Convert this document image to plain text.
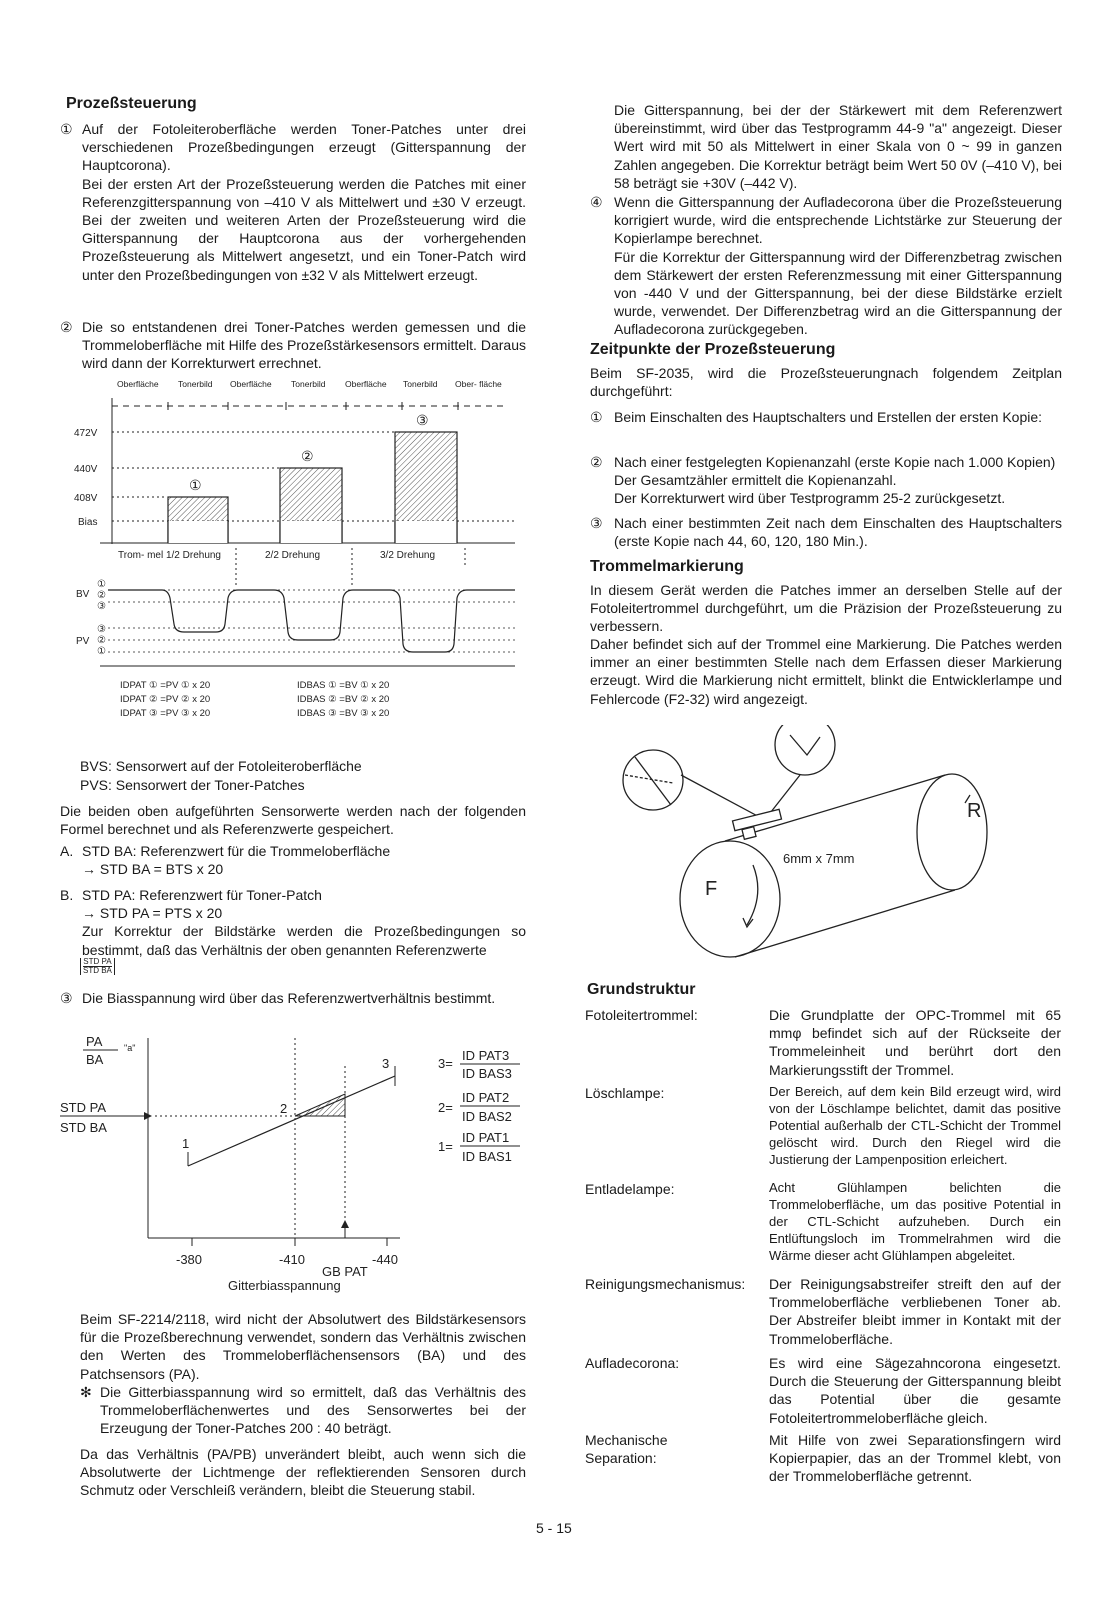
Prozeßsteuerung
① Auf der Fotoleiteroberfläche werden Toner-Patches unter drei verschiedenen Prozeßbedingungen erzeugt (Gitterspannung der Hauptcorona).

Bei der ersten Art der Prozeßsteuerung werden die Patches mit einer Referenzgitterspannung von –410 V als Mittelwert und ±30 V erzeugt. Bei der zweiten und weiteren Arten der Prozeßsteuerung wird die Gitterspannung der Hauptcorona aus der vorhergehenden Prozeßsteuerung als Mittelwert angesetzt, und ein Toner-Patch wird unter den Prozeßbedingungen von ±32 V als Mittelwert erzeugt.

② Die so entstandenen drei Toner-Patches werden gemessen und die Trommeloberfläche mit Hilfe des Prozeßstärkesensors ermittelt. Daraus wird dann der Korrekturwert errechnet.

Oberfläche Tonerbild Oberfläche Tonerbild Oberfläche Tonerbild Ober- fläche
472V
440V
408V
Bias
①
②
③
Trom- mel 1/2 Drehung	2/2 Drehung	3/2 Drehung
BV
PV
①
②
③
③
②
①
IDPAT ① =PV ① x 20
IDPAT ② =PV ② x 20
IDPAT ③ =PV ③ x 20
IDBAS ① =BV ① x 20
IDBAS ② =BV ② x 20
IDBAS ③ =BV ③ x 20

BVS: Sensorwert auf der Fotoleiteroberfläche

PVS: Sensorwert der Toner-Patches

Die beiden oben aufgeführten Sensorwerte werden nach der folgenden Formel berechnet und als Referenzwerte gespeichert.

A. STD BA: Referenzwert für die Trommeloberfläche

→ STD BA = BTS x 20

B. STD PA: Referenzwert für Toner-Patch

→ STD PA = PTS x 20

Zur Korrektur der Bildstärke werden die Prozeßbedingungen so bestimmt, daß das Verhältnis der oben genannten Referenzwerte

STD PA
STD BA
③ Die Biasspannung wird über das Referenzwertverhältnis bestimmt.

PA
BA
"a"
STD PA
STD BA
1
2
3	3=
ID PAT3
ID BAS3
2=
ID PAT2
ID BAS2
1=
ID PAT1
ID BAS1
-380	-410	-440
GB PAT
Gitterbiasspannung

Beim SF-2214/2118, wird nicht der Absolutwert des Bildstärkesensors für die Prozeßberechnung verwendet, sondern das Verhältnis zwischen den Werten des Trommeloberflächensensors (BA) und des Patchsensors (PA).

✻ Die Gitterbiasspannung wird so ermittelt, daß das Verhältnis des Trommeloberflächenwertes und des Sensorwertes bei der Erzeugung der Toner-Patches 200 : 40 beträgt.

Da das Verhältnis (PA/PB) unverändert bleibt, auch wenn sich die Absolutwerte der Lichtmenge der reflektierenden Sensoren durch Schmutz oder Verschleiß verändern, bleibt die Steuerung stabil.

Die Gitterspannung, bei der der Stärkewert mit dem Referenzwert übereinstimmt, wird über das Testprogramm 44-9 "a" angezeigt. Dieser Wert wird mit 50 als Mittelwert in einer Skala von 0 ~ 99 in ganzen Zahlen angegeben. Die Korrektur beträgt beim Wert 50 0V (–410 V), bei 58 beträgt sie +30V (–442 V).

④ Wenn die Gitterspannung der Aufladecorona über die Prozeßsteuerung korrigiert wurde, wird die entsprechende Lichtstärke zur Steuerung der Kopierlampe berechnet.

Für die Korrektur der Gitterspannung wird der Differenzbetrag zwischen dem Stärkewert der ersten Referenzmessung mit einer Gitterspannung von -440 V und der Gitterspannung, bei der diese Bildstärke erzielt wurde, verwendet. Der Differenzbetrag wird an die Gitterspannung der Aufladecorona zurückgegeben.

Zeitpunkte der Prozeßsteuerung

Beim SF-2035, wird die Prozeßsteuerungnach folgendem Zeitplan durchgeführt:

① Beim Einschalten des Hauptschalters und Erstellen der ersten Kopie:

② Nach einer festgelegten Kopienanzahl (erste Kopie nach 1.000 Kopien)

Der Gesamtzähler ermittelt die Kopienanzahl.

Der Korrekturwert wird über Testprogramm 25-2 zurückgesetzt.

③ Nach einer bestimmten Zeit nach dem Einschalten des Hauptschalters (erste Kopie nach 44, 60, 120, 180 Min.).

Trommelmarkierung

In diesem Gerät werden die Patches immer an derselben Stelle auf der Fotoleitertrommel durchgeführt, um die Präzision der Prozeßsteuerung zu verbessern.

Daher befindet sich auf der Trommel eine Markierung. Die Patches werden immer an einer bestimmten Stelle nach dem Erfassen dieser Markierung erzeugt. Wird die Markierung nicht ermittelt, blinkt die Entwicklerlampe und Fehlercode (F2-32) wird angezeigt.

R
F
6mm x 7mm
Grundstruktur
Fotoleitertrommel:	Die Grundplatte der OPC-Trommel mit 65 mmφ befindet sich auf der Rückseite der Trommeleinheit und berührt dort den Markierungsstift der Trommel.
Löschlampe:	Der Bereich, auf dem kein Bild erzeugt wird, wird von der Löschlampe belichtet, damit das positive Potential außerhalb der CTL-Schicht der Trommel gelöscht wird. Durch den Riegel wird die Justierung der Lampenposition erleichert.
Entladelampe:	Acht Glühlampen belichten die Trommeloberfläche, um das positive Potential in der CTL-Schicht aufzuheben. Durch ein Entlüftungsloch im Trommelrahmen wird die Wärme dieser acht Glühlampen abgeleitet.
Reinigungsmechanismus:	Der Reinigungsabstreifer streift den auf der Trommeloberfläche verbliebenen Toner ab. Der Abstreifer bleibt immer in Kontakt mit der Trommeloberfläche.
Aufladecorona:	Es wird eine Sägezahncorona eingesetzt. Durch die Steuerung der Gitterspannung bleibt das Potential über die gesamte Fotoleitertrommeloberfläche gleich.
Mechanische Separation:
Mit Hilfe von zwei Separationsfingern wird Kopierpapier, das an der Trommel klebt, von der Trommeloberfläche getrennt.

5 - 15
